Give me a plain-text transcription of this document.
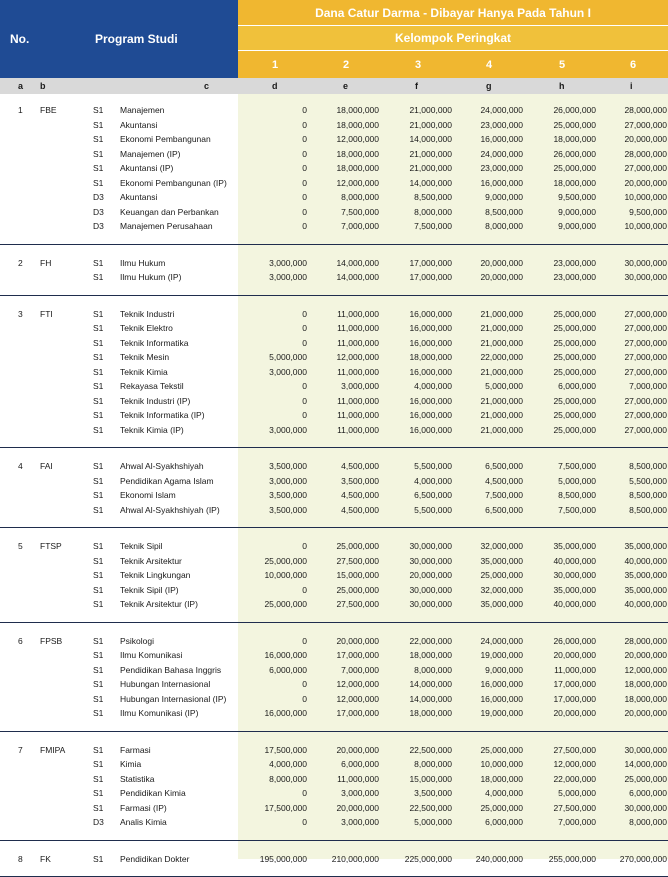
No.	Program Studi
Dana Catur Darma - Dibayar Hanya Pada Tahun I
Kelompok Peringkat
1	2	3	4	5	6
a b	c	d	e	f	g	h	i
1 FBE	S1 Manajemen	0	18,000,000	21,000,000	24,000,000	26,000,000	28,000,000
S1 Akuntansi	0	18,000,000	21,000,000	23,000,000	25,000,000	27,000,000
S1 Ekonomi Pembangunan	0	12,000,000	14,000,000	16,000,000	18,000,000	20,000,000
S1 Manajemen (IP)	0	18,000,000	21,000,000	24,000,000	26,000,000	28,000,000
S1 Akuntansi (IP)	0	18,000,000	21,000,000	23,000,000	25,000,000	27,000,000
S1 Ekonomi Pembangunan (IP)	0	12,000,000	14,000,000	16,000,000	18,000,000	20,000,000
D3 Akuntansi	0	8,000,000	8,500,000	9,000,000	9,500,000	10,000,000
D3 Keuangan dan Perbankan	0	7,500,000	8,000,000	8,500,000	9,000,000	9,500,000
D3 Manajemen Perusahaan	0	7,000,000	7,500,000	8,000,000	9,000,000	10,000,000
2 FH	S1 Ilmu Hukum	3,000,000	14,000,000	17,000,000	20,000,000	23,000,000	30,000,000
S1 Ilmu Hukum (IP)	3,000,000	14,000,000	17,000,000	20,000,000	23,000,000	30,000,000
3 FTI	S1 Teknik Industri	0	11,000,000	16,000,000	21,000,000	25,000,000	27,000,000
S1 Teknik Elektro	0	11,000,000	16,000,000	21,000,000	25,000,000	27,000,000
S1 Teknik Informatika	0	11,000,000	16,000,000	21,000,000	25,000,000	27,000,000
S1 Teknik Mesin	5,000,000	12,000,000	18,000,000	22,000,000	25,000,000	27,000,000
S1 Teknik Kimia	3,000,000	11,000,000	16,000,000	21,000,000	25,000,000	27,000,000
S1 Rekayasa Tekstil	0	3,000,000	4,000,000	5,000,000	6,000,000	7,000,000
S1 Teknik Industri (IP)	0	11,000,000	16,000,000	21,000,000	25,000,000	27,000,000
S1 Teknik Informatika (IP)	0	11,000,000	16,000,000	21,000,000	25,000,000	27,000,000
S1 Teknik Kimia (IP)	3,000,000	11,000,000	16,000,000	21,000,000	25,000,000	27,000,000
4 FAI	S1 Ahwal Al-Syakhshiyah	3,500,000	4,500,000	5,500,000	6,500,000	7,500,000	8,500,000
S1 Pendidikan Agama Islam	3,000,000	3,500,000	4,000,000	4,500,000	5,000,000	5,500,000
S1 Ekonomi Islam	3,500,000	4,500,000	6,500,000	7,500,000	8,500,000	8,500,000
S1 Ahwal Al-Syakhshiyah (IP)	3,500,000	4,500,000	5,500,000	6,500,000	7,500,000	8,500,000
5 FTSP	S1 Teknik Sipil	0	25,000,000	30,000,000	32,000,000	35,000,000	35,000,000
S1 Teknik Arsitektur	25,000,000	27,500,000	30,000,000	35,000,000	40,000,000	40,000,000
S1 Teknik Lingkungan	10,000,000	15,000,000	20,000,000	25,000,000	30,000,000	35,000,000
S1 Teknik Sipil (IP)	0	25,000,000	30,000,000	32,000,000	35,000,000	35,000,000
S1 Teknik Arsitektur (IP)	25,000,000	27,500,000	30,000,000	35,000,000	40,000,000	40,000,000
6 FPSB	S1 Psikologi	0	20,000,000	22,000,000	24,000,000	26,000,000	28,000,000
S1 Ilmu Komunikasi	16,000,000	17,000,000	18,000,000	19,000,000	20,000,000	20,000,000
S1 Pendidikan Bahasa Inggris	6,000,000	7,000,000	8,000,000	9,000,000	11,000,000	12,000,000
S1 Hubungan Internasional	0	12,000,000	14,000,000	16,000,000	17,000,000	18,000,000
S1 Hubungan Internasional (IP)	0	12,000,000	14,000,000	16,000,000	17,000,000	18,000,000
S1 Ilmu Komunikasi (IP)	16,000,000	17,000,000	18,000,000	19,000,000	20,000,000	20,000,000
7 FMIPA	S1 Farmasi	17,500,000	20,000,000	22,500,000	25,000,000	27,500,000	30,000,000
S1 Kimia	4,000,000	6,000,000	8,000,000	10,000,000	12,000,000	14,000,000
S1 Statistika	8,000,000	11,000,000	15,000,000	18,000,000	22,000,000	25,000,000
S1 Pendidikan Kimia	0	3,000,000	3,500,000	4,000,000	5,000,000	6,000,000
S1 Farmasi (IP)	17,500,000	20,000,000	22,500,000	25,000,000	27,500,000	30,000,000
D3 Analis Kimia	0	3,000,000	5,000,000	6,000,000	7,000,000	8,000,000
8 FK	S1 Pendidikan Dokter	195,000,000	210,000,000	225,000,000	240,000,000	255,000,000	270,000,000
